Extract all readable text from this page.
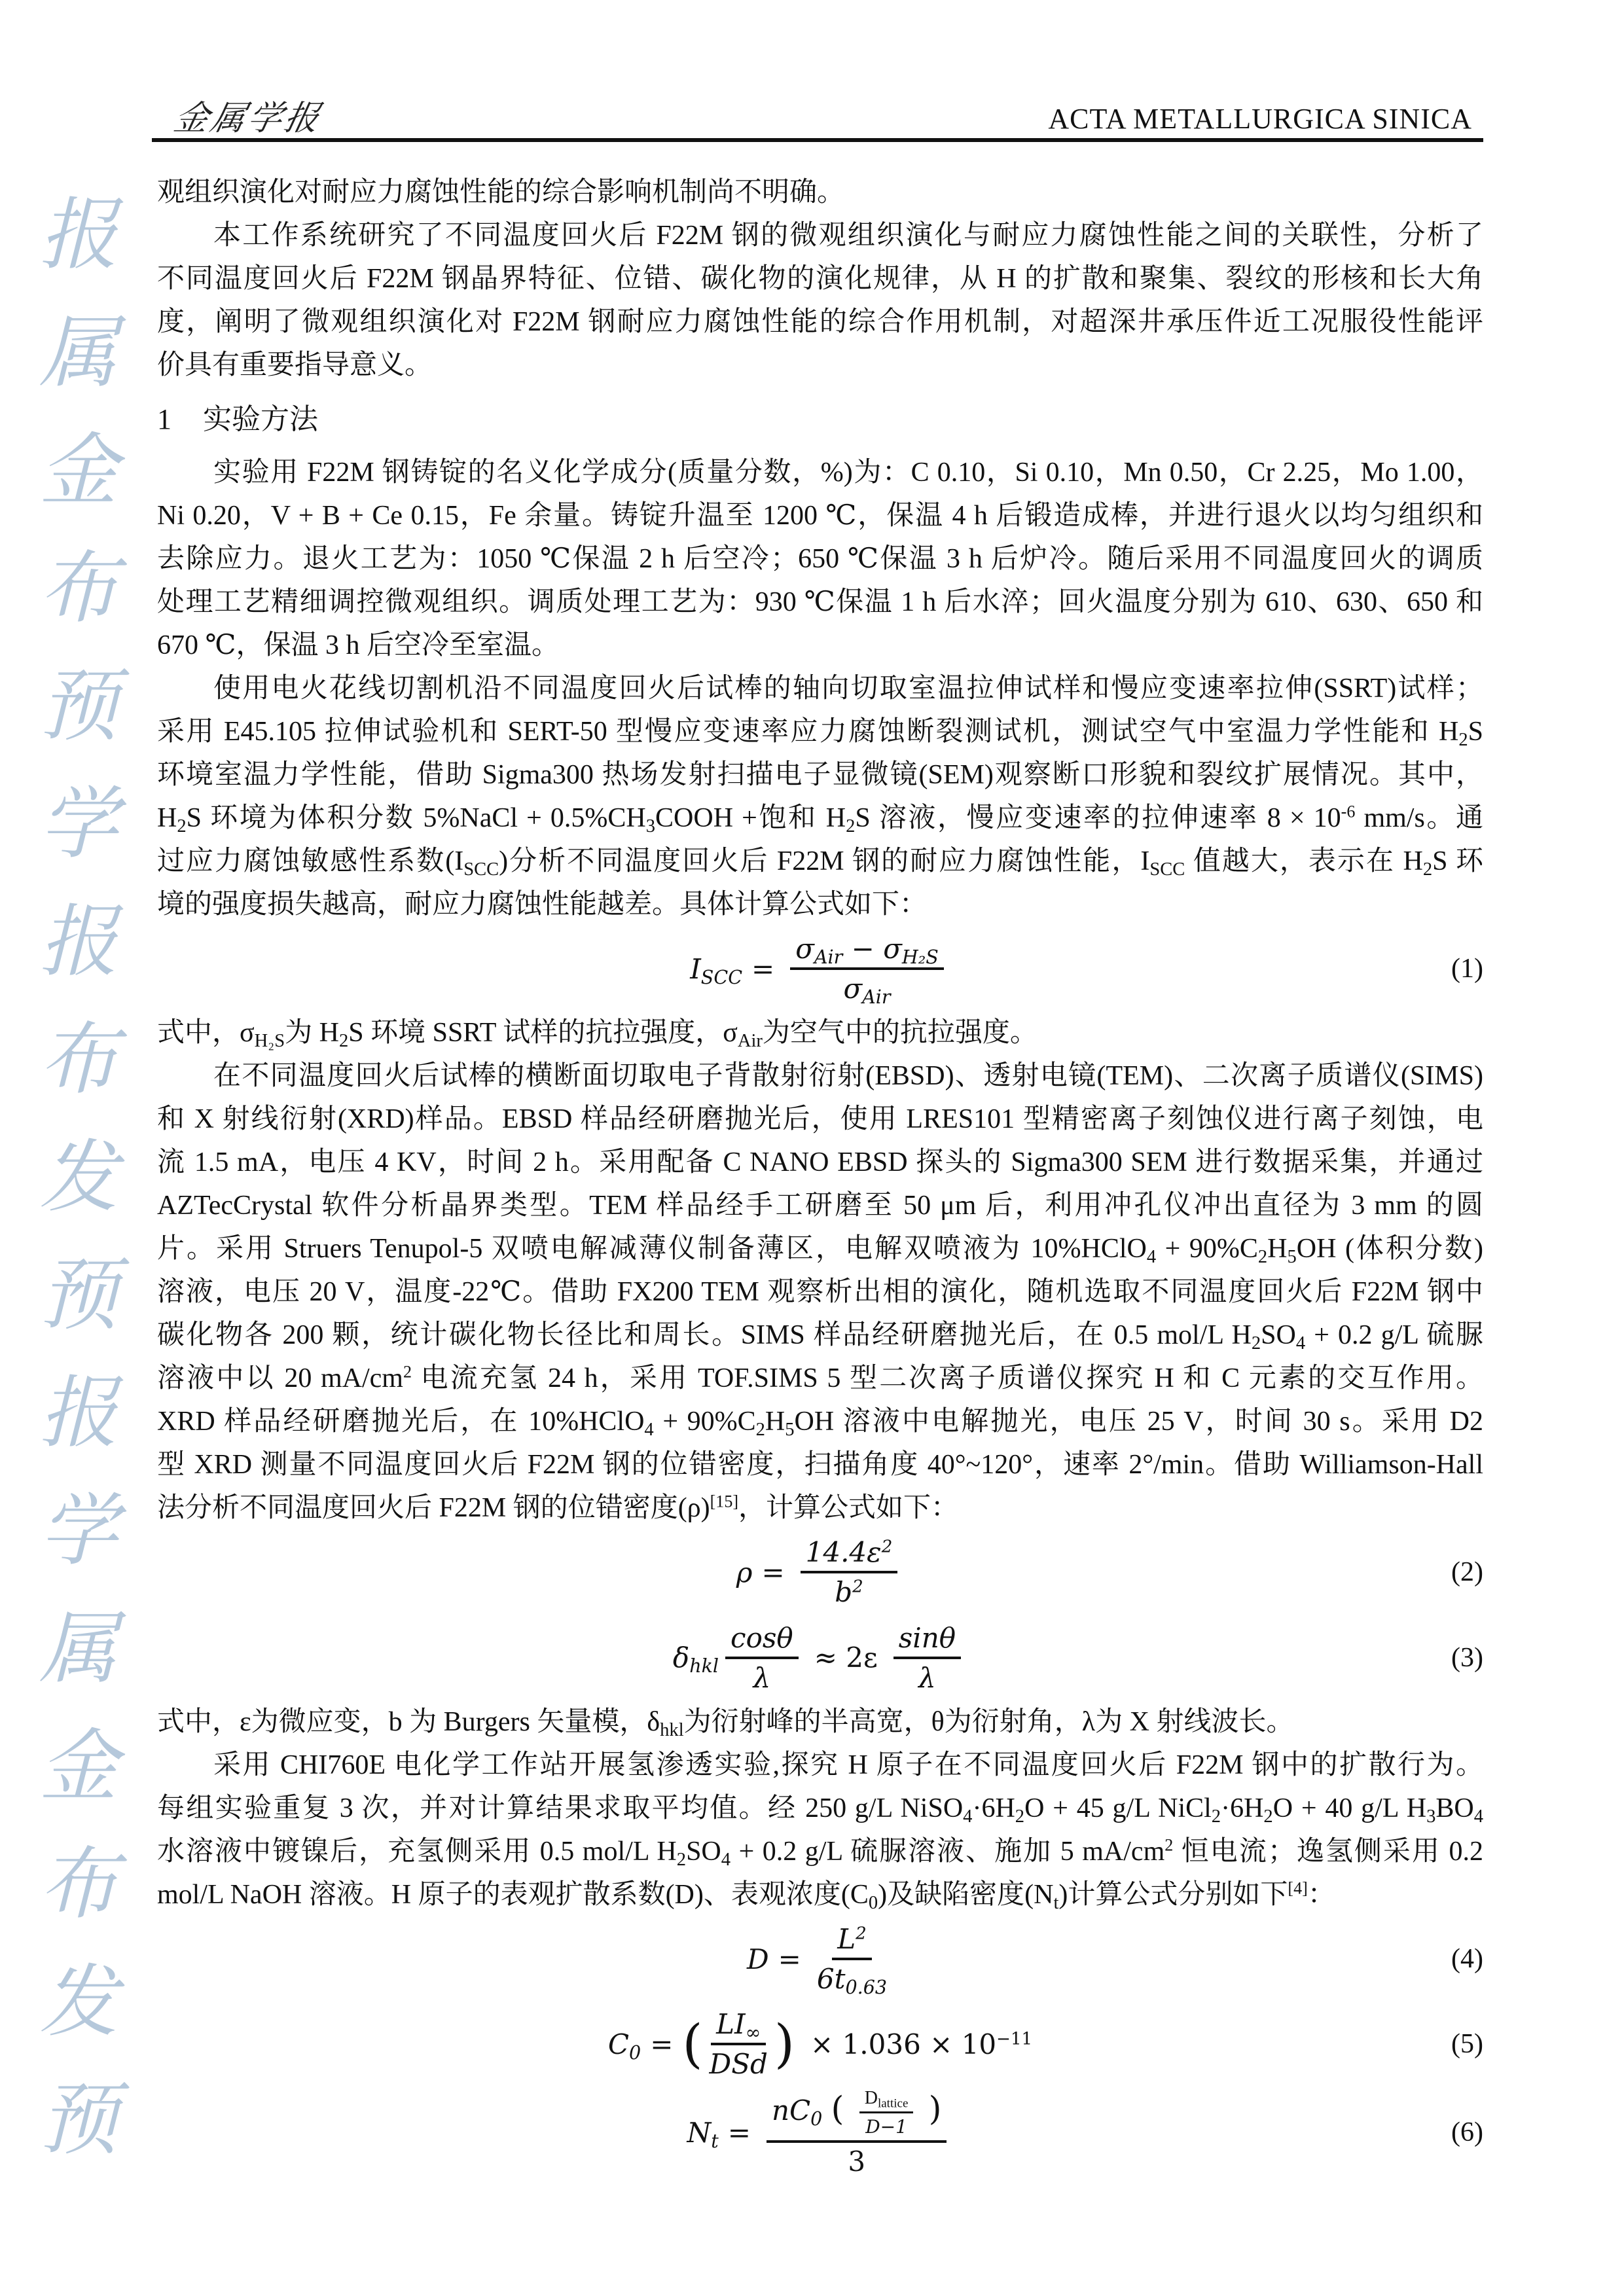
金属学报	ACTA METALLURGICA SINICA
观组织演化对耐应力腐蚀性能的综合影响机制尚不明确。
本工作系统研究了不同温度回火后 F22M 钢的微观组织演化与耐应力腐蚀性能之间的关联性，分析了
不同温度回火后 F22M 钢晶界特征、位错、碳化物的演化规律，从 H 的扩散和聚集、裂纹的形核和长大角
度，阐明了微观组织演化对 F22M 钢耐应力腐蚀性能的综合作用机制，对超深井承压件近工况服役性能评
价具有重要指导意义。
1 实验方法
实验用 F22M 钢铸锭的名义化学成分(质量分数，%)为：C 0.10，Si 0.10，Mn 0.50，Cr 2.25，Mo 1.00，
Ni 0.20，V + B + Ce 0.15，Fe 余量。铸锭升温至 1200 ℃，保温 4 h 后锻造成棒，并进行退火以均匀组织和
去除应力。退火工艺为：1050 ℃保温 2 h 后空冷；650 ℃保温 3 h 后炉冷。随后采用不同温度回火的调质
处理工艺精细调控微观组织。调质处理工艺为：930 ℃保温 1 h 后水淬；回火温度分别为 610、630、650 和
670 ℃，保温 3 h 后空冷至室温。
使用电火花线切割机沿不同温度回火后试棒的轴向切取室温拉伸试样和慢应变速率拉伸(SSRT)试样；
采用 E45.105 拉伸试验机和 SERT-50 型慢应变速率应力腐蚀断裂测试机，测试空气中室温力学性能和 $H_2S$
环境室温力学性能，借助 Sigma300 热场发射扫描电子显微镜(SEM)观察断口形貌和裂纹扩展情况。其中，
$H_2S$ 环境为体积分数 5%NaCl + $0.5\%CH_3COOH$ +饱和 $H_2S$ 溶液，慢应变速率的拉伸速率 $8 \times 10^{-6}$ mm/s。通
过应力腐蚀敏感性系数$(I_{SCC})$分析不同温度回火后 F22M 钢的耐应力腐蚀性能，$I_{SCC}$ 值越大，表示在 $H_2S$ 环
境的强度损失越高，耐应力腐蚀性能越差。具体计算公式如下：
$I_{SCC} = \frac{\sigma_{Air} - \sigma_{H_2S}}{\sigma_{Air}}$	(1)
式中，$\sigma_{H_2S}$为 $H_2S$ 环境 SSRT 试样的抗拉强度，$\sigma_{Air}$为空气中的抗拉强度。
在不同温度回火后试棒的横断面切取电子背散射衍射(EBSD)、透射电镜(TEM)、二次离子质谱仪(SIMS)
和 X 射线衍射(XRD)样品。EBSD 样品经研磨抛光后，使用 LRES101 型精密离子刻蚀仪进行离子刻蚀，电
流 1.5 mA，电压 4 KV，时间 2 h。采用配备 C NANO EBSD 探头的 Sigma300 SEM 进行数据采集，并通过
AZTecCrystal 软件分析晶界类型。TEM 样品经手工研磨至 50 μm 后，利用冲孔仪冲出直径为 3 mm 的圆
片。采用 Struers Tenupol-5 双喷电解减薄仪制备薄区，电解双喷液为 10%HClO$_4$ + $90\%C_2H_5OH$ (体积分数)
溶液，电压 20 V，温度-22℃。借助 FX200 TEM 观察析出相的演化，随机选取不同温度回火后 F22M 钢中
碳化物各 200 颗，统计碳化物长径比和周长。SIMS 样品经研磨抛光后，在 0.5 mol/L $H_2SO_4 + 0.2$ g/L 硫脲
溶液中以 20 $mA/cm^2$ 电流充氢 24 h，采用 TOF.SIMS 5 型二次离子质谱仪探究 H 和 C 元素的交互作用。
XRD 样品经研磨抛光后，在 10%HClO$_4$ + $90\%C_2H_5OH$ 溶液中电解抛光，电压 25 V，时间 30 s。采用 D2
型 XRD 测量不同温度回火后 F22M 钢的位错密度，扫描角度 40°~120°，速率 2°/min。借助 Williamson-Hall
法分析不同温度回火后 F22M 钢的位错密度(ρ)[15]，计算公式如下：
$\rho = \frac{14.4\varepsilon^2}{b^2}$	(2)
$\delta_{hkl} \frac{\cos\theta}{\lambda} \approx 2\varepsilon \frac{\sin\theta}{\lambda}$	(3)
式中，ε为微应变，b 为 Burgers 矢量模，$\delta_{hkl}$为衍射峰的半高宽，θ为衍射角，λ为 X 射线波长。
采用 CHI760E 电化学工作站开展氢渗透实验,探究 H 原子在不同温度回火后 F22M 钢中的扩散行为。
每组实验重复 3 次，并对计算结果求取平均值。经 250 g/L $NiSO_4\cdot 6H_2O + 45$ g/L $NiCl_2\cdot 6H_2O + 40$ g/L $H_3BO_4$
水溶液中镀镍后，充氢侧采用 0.5 mol/L $H_2SO_4 + 0.2$ g/L 硫脲溶液、施加 5 $mA/cm^2$ 恒电流；逸氢侧采用 0.2
mol/L NaOH 溶液。H 原子的表观扩散系数(D)、表观浓度$(C_0)$及缺陷密度$(N_t)$计算公式分别如下[4]：
$D = \frac{L^2}{6t_{0.63}}$	(4)
$C_0$ = ( $\frac{LI_\infty}{\text{DSd}}$ ) × $1.036 \times 10^{-11}$	(5)
$N_t$ =
$nC_0$ ( $\frac{D_{lattice}}{D-1}$ )
3
(6)
报
属
金
布
预
学
报
布
发
预
报
学
属
金
布
发
预
